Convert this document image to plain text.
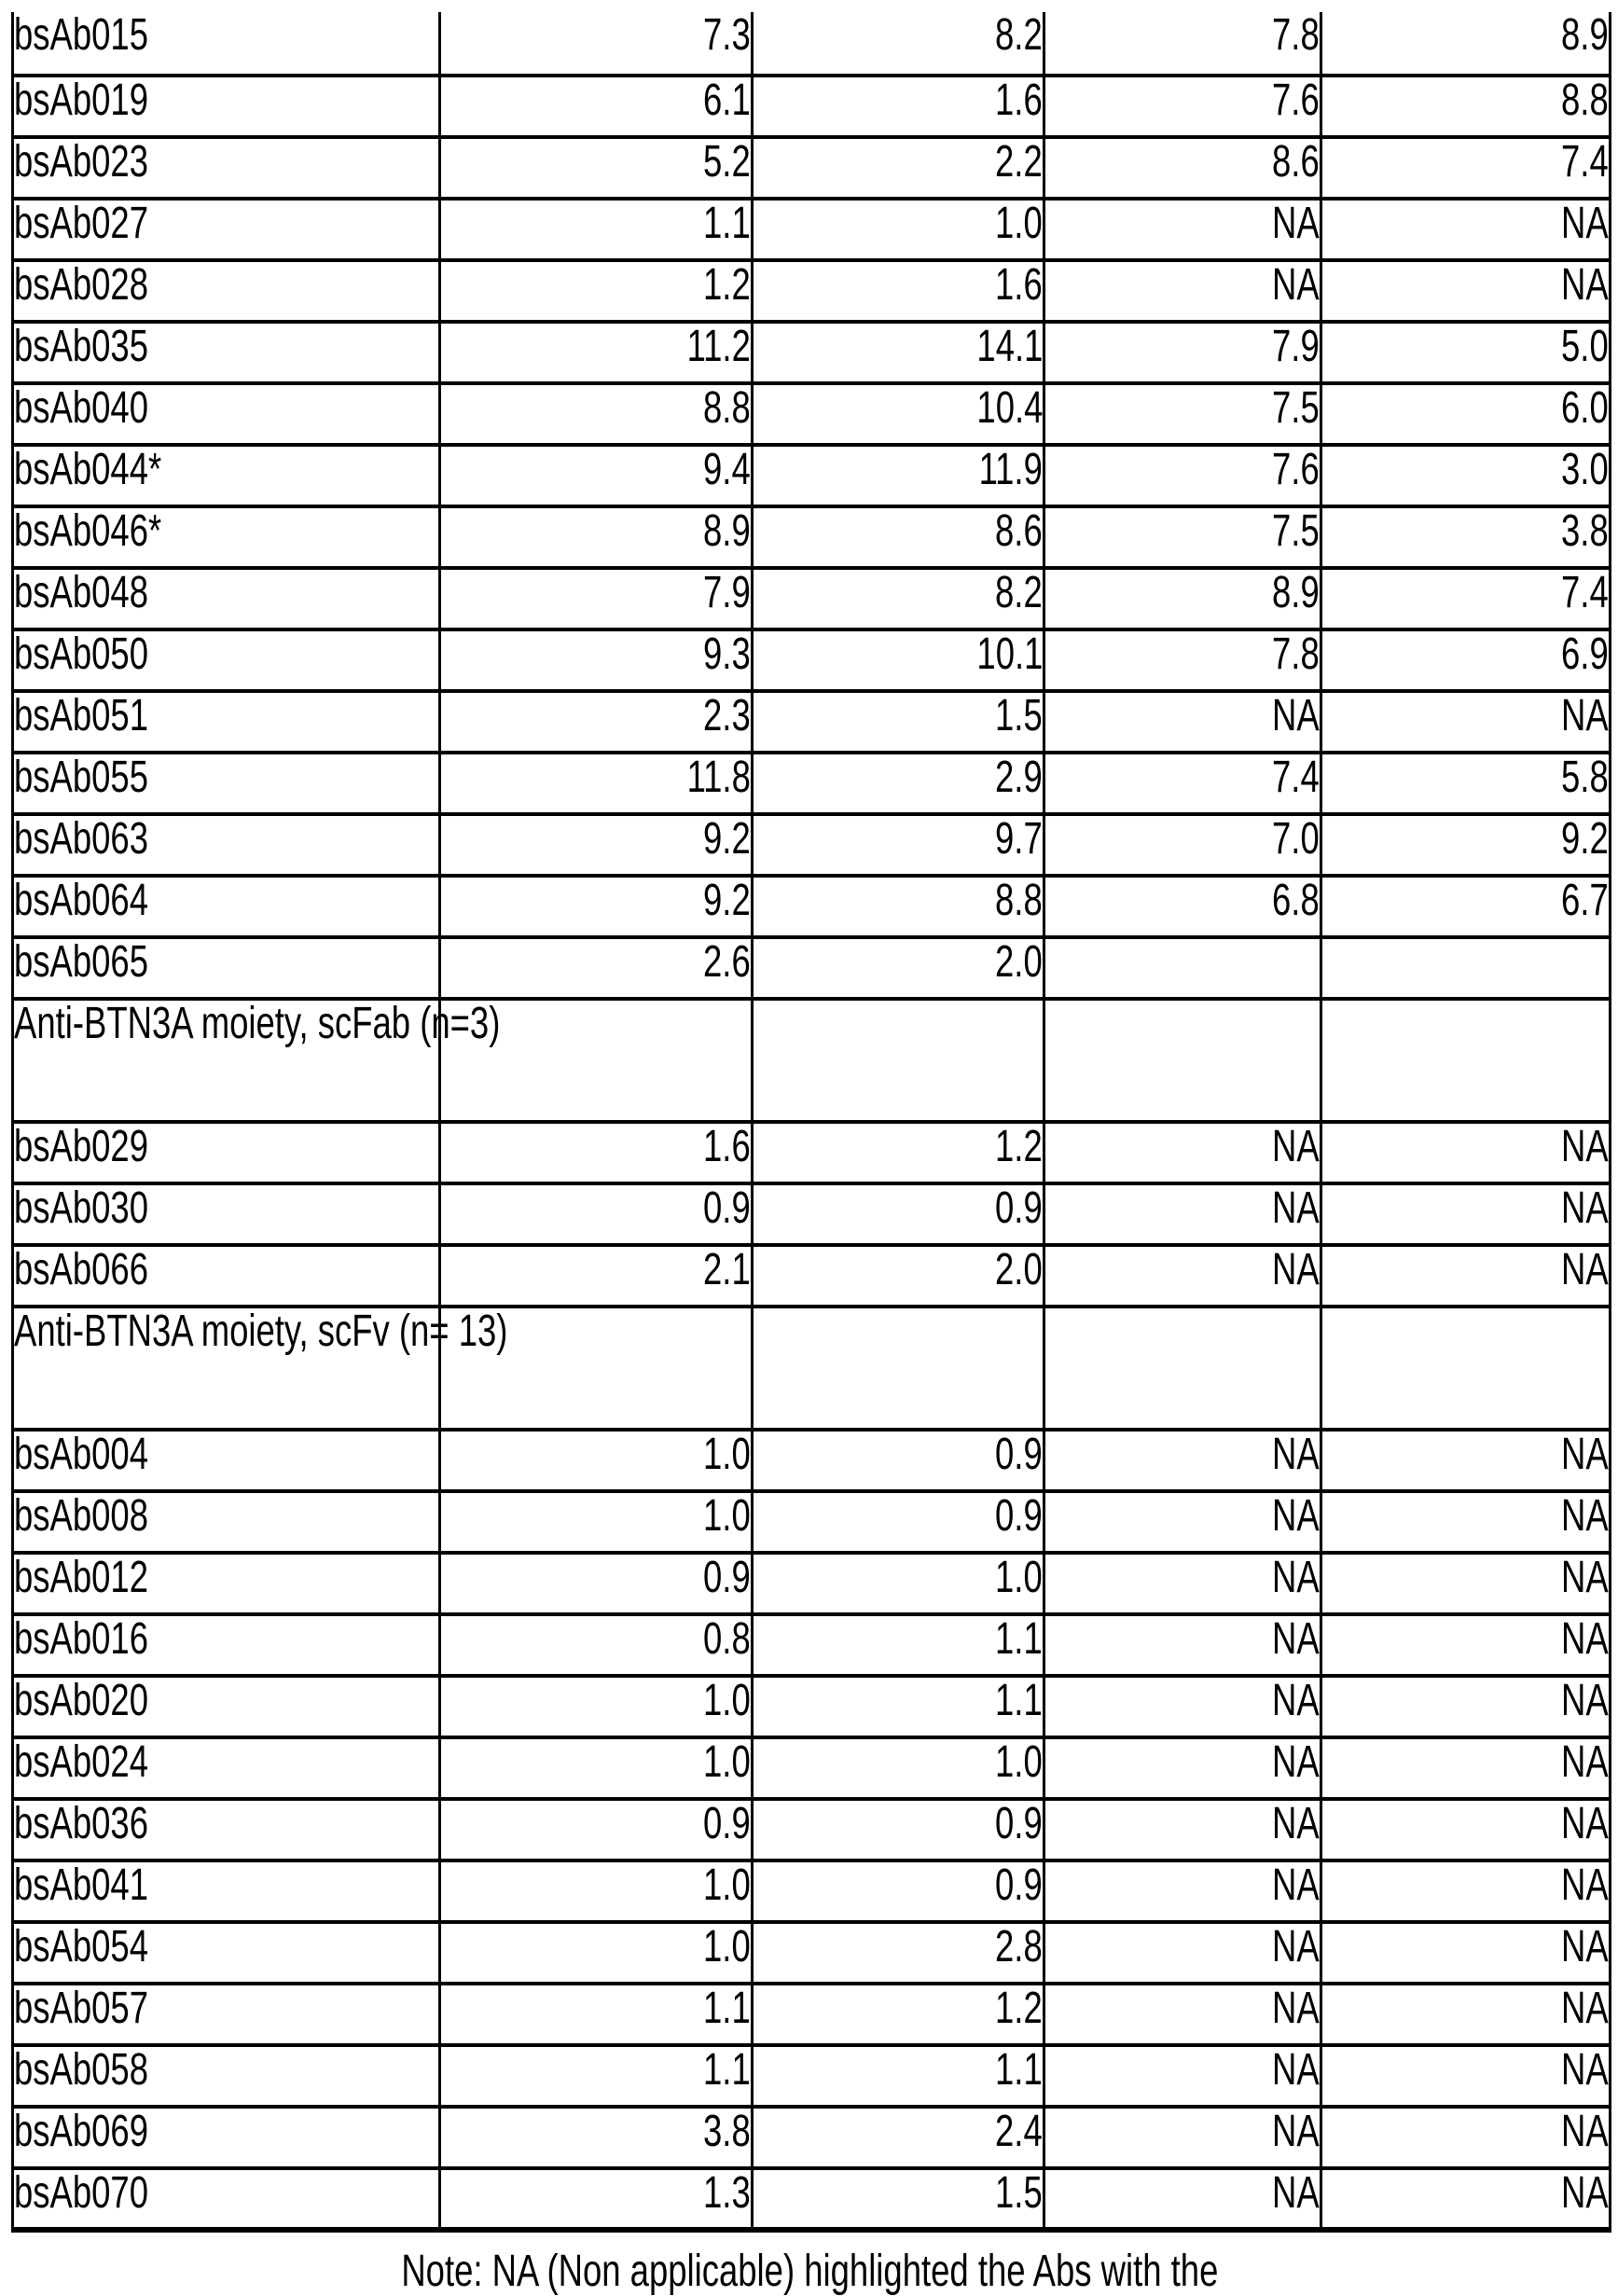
bsAb015	7.3	8.2	7.8	8.9
bsAb019	6.1	1.6	7.6	8.8
bsAb023	5.2	2.2	8.6	7.4
bsAb027	1.1	1.0	NA	NA
bsAb028	1.2	1.6	NA	NA
bsAb035	11.2	14.1	7.9	5.0
bsAb040	8.8	10.4	7.5	6.0
bsAb044*	9.4	11.9	7.6	3.0
bsAb046*	8.9	8.6	7.5	3.8
bsAb048	7.9	8.2	8.9	7.4
bsAb050	9.3	10.1	7.8	6.9
bsAb051	2.3	1.5	NA	NA
bsAb055	11.8	2.9	7.4	5.8
bsAb063	9.2	9.7	7.0	9.2
bsAb064	9.2	8.8	6.8	6.7
bsAb065	2.6	2.0		
Anti-BTN3A moiety, scFab (n=3)				
bsAb029	1.6	1.2	NA	NA
bsAb030	0.9	0.9	NA	NA
bsAb066	2.1	2.0	NA	NA
Anti-BTN3A moiety, scFv (n= 13)				
bsAb004	1.0	0.9	NA	NA
bsAb008	1.0	0.9	NA	NA
bsAb012	0.9	1.0	NA	NA
bsAb016	0.8	1.1	NA	NA
bsAb020	1.0	1.1	NA	NA
bsAb024	1.0	1.0	NA	NA
bsAb036	0.9	0.9	NA	NA
bsAb041	1.0	0.9	NA	NA
bsAb054	1.0	2.8	NA	NA
bsAb057	1.1	1.2	NA	NA
bsAb058	1.1	1.1	NA	NA
bsAb069	3.8	2.4	NA	NA
bsAb070	1.3	1.5	NA	NA
Note: NA (Non applicable) highlighted the Abs with the
